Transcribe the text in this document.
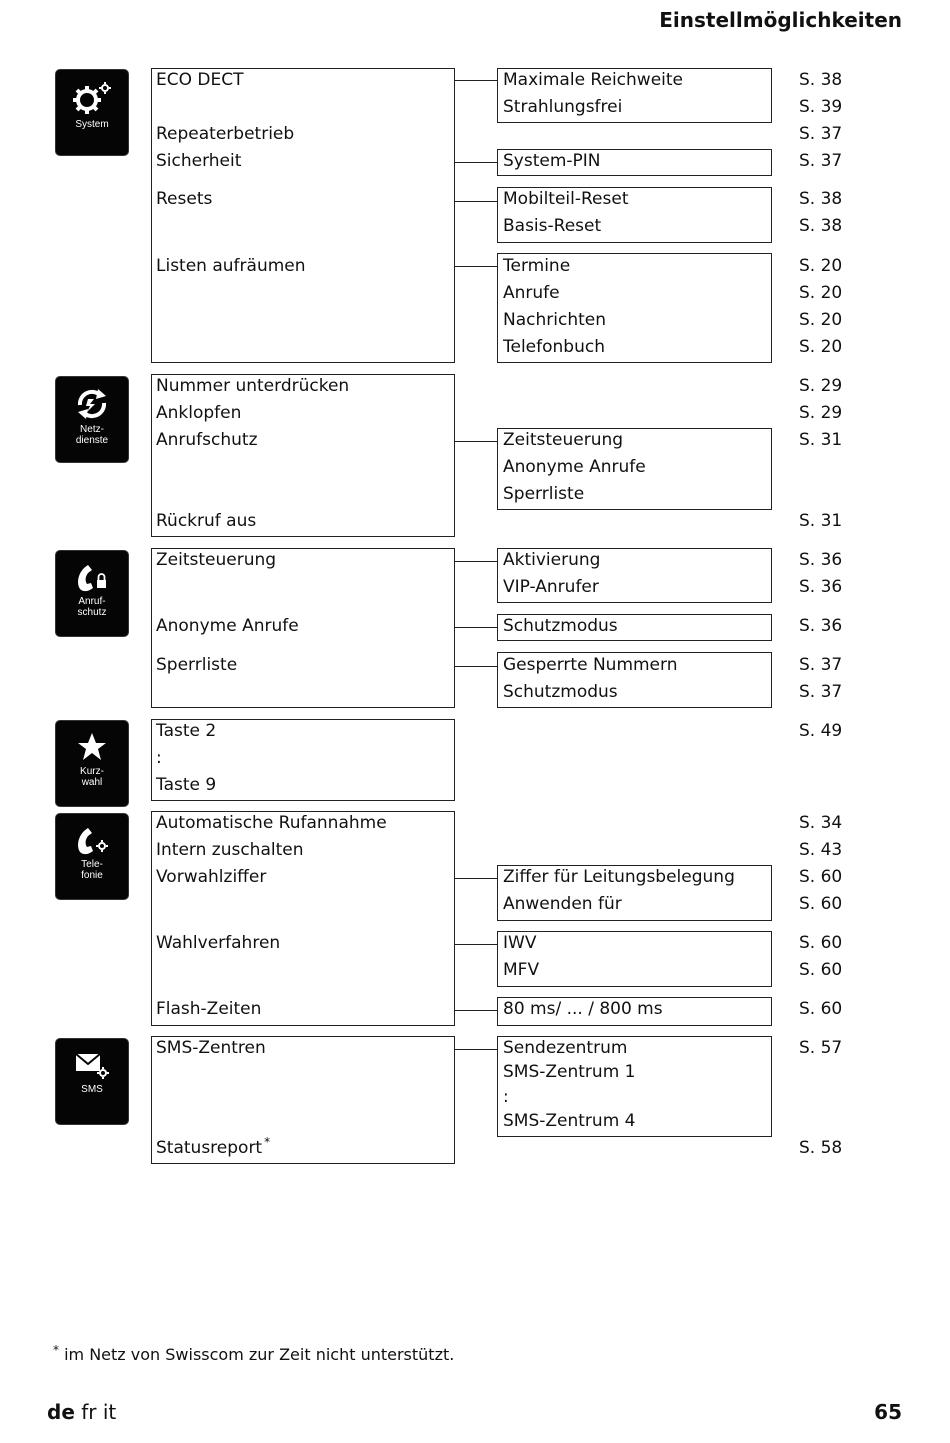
Einstellmöglichkeiten
System
ECO DECT
Repeaterbetrieb
Sicherheit
Resets
Listen aufräumen
Maximale Reichweite
Strahlungsfrei
System-PIN
Mobilteil-Reset
Basis-Reset
Termine
Anrufe
Nachrichten
Telefonbuch
S. 38
S. 39
S. 37
S. 37
S. 38
S. 38
S. 20
S. 20
S. 20
S. 20
Netz-
dienste
Nummer unterdrücken
Anklopfen
Anrufschutz
Rückruf aus
Zeitsteuerung
Anonyme Anrufe
Sperrliste
S. 29
S. 29
S. 31
S. 31
Anruf-
schutz
Zeitsteuerung
Anonyme Anrufe
Sperrliste
Aktivierung
VIP-Anrufer
Schutzmodus
Gesperrte Nummern
Schutzmodus
S. 36
S. 36
S. 36
S. 37
S. 37
Kurz-
wahl
Taste 2
:
Taste 9
S. 49
Tele-
fonie
Automatische Rufannahme
Intern zuschalten
Vorwahlziffer
Wahlverfahren
Flash-Zeiten
Ziffer für Leitungsbelegung
Anwenden für
IWV
MFV
80 ms/ ... / 800 ms
S. 34
S. 43
S. 60
S. 60
S. 60
S. 60
S. 60
SMS
SMS-Zentren
Statusreport *
Sendezentrum
SMS-Zentrum 1
:
SMS-Zentrum 4
S. 57
S. 58
* im Netz von Swisscom zur Zeit nicht unterstützt.
de fr it	65
